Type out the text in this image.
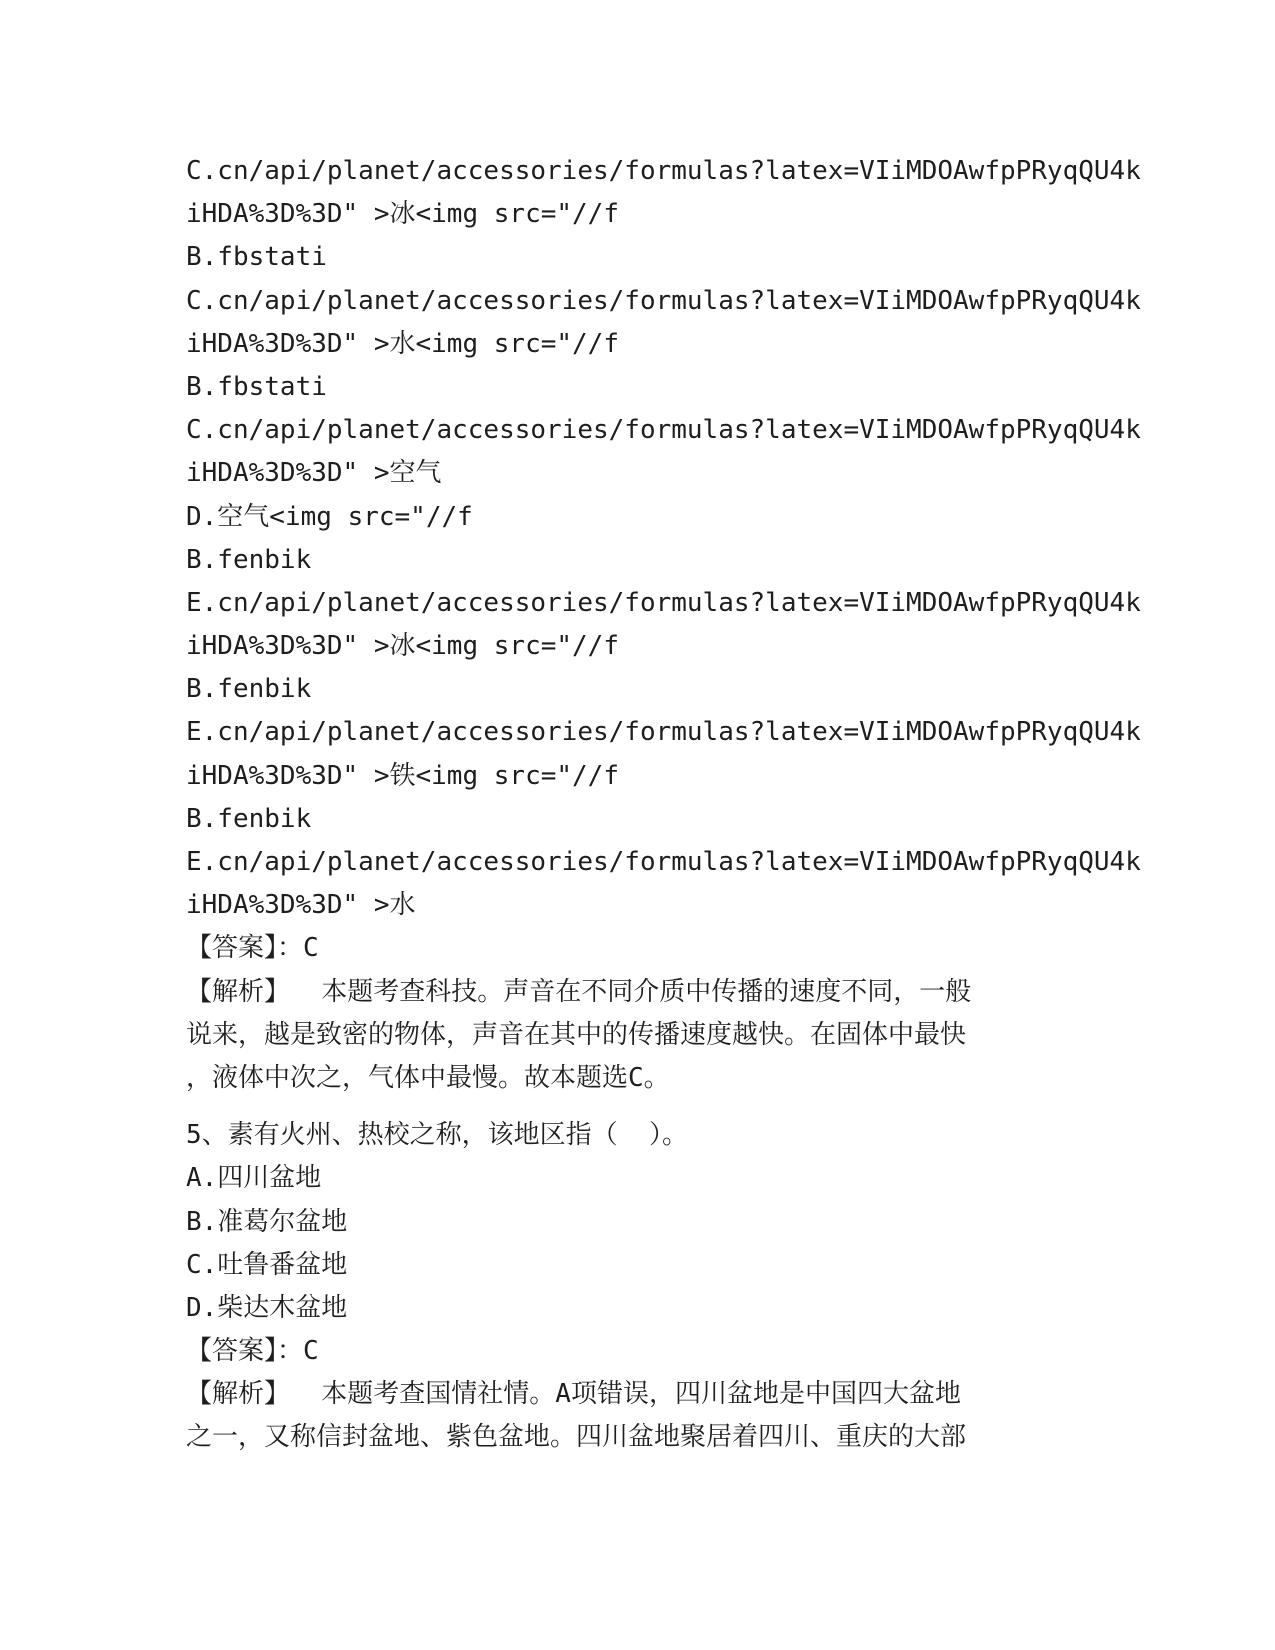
C.cn/api/planet/accessories/formulas?latex=VIiMDOAwfpPRyqQU4k
iHDA%3D%3D" >冰<img src="//f
B.fbstati
C.cn/api/planet/accessories/formulas?latex=VIiMDOAwfpPRyqQU4k
iHDA%3D%3D" >水<img src="//f
B.fbstati
C.cn/api/planet/accessories/formulas?latex=VIiMDOAwfpPRyqQU4k
iHDA%3D%3D" >空气
D.空气<img src="//f
B.fenbik
E.cn/api/planet/accessories/formulas?latex=VIiMDOAwfpPRyqQU4k
iHDA%3D%3D" >冰<img src="//f
B.fenbik
E.cn/api/planet/accessories/formulas?latex=VIiMDOAwfpPRyqQU4k
iHDA%3D%3D" >铁<img src="//f
B.fenbik
E.cn/api/planet/accessories/formulas?latex=VIiMDOAwfpPRyqQU4k
iHDA%3D%3D" >水
【答案】：C
【解析】  本题考查科技。声音在不同介质中传播的速度不同，一般
说来，越是致密的物体，声音在其中的传播速度越快。在固体中最快
，液体中次之，气体中最慢。故本题选C。
5、素有火州、热校之称，该地区指（  ）。
A.四川盆地
B.准葛尔盆地
C.吐鲁番盆地
D.柴达木盆地
【答案】：C
【解析】  本题考查国情社情。A项错误，四川盆地是中国四大盆地
之一，又称信封盆地、紫色盆地。四川盆地聚居着四川、重庆的大部
